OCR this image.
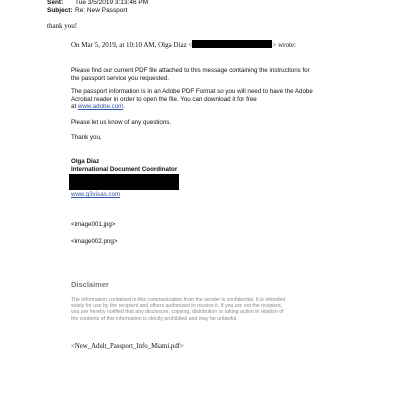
Sent: Tue 3/5/2019 3:13:46 PM
Subject: Re: New Passport
thank you!
On Mar 5, 2019, at 10:10 AM, Olga Diaz <	> wrote:
Please find our current PDF file attached to this message containing the instructions for
the passport service you requested.
The passport information is in an Adobe PDF Format so you will need to have the Adobe
Acrobat reader in order to open the file. You can download it for free
at www.adobe.com.
Please let us know of any questions.
Thank you,
Olga Diaz
International Document Coordinator
www.g3visas.com
<image001.jpg>
<image002.png>
Disclaimer
The information contained in this communication from the sender is confidential. It is intended
solely for use by the recipient and others authorized to receive it. If you are not the recipient,
you are hereby notified that any disclosure, copying, distribution or taking action in relation of
the contents of this information is strictly prohibited and may be unlawful.
<New_Adult_Passport_Info_Miami.pdf>
